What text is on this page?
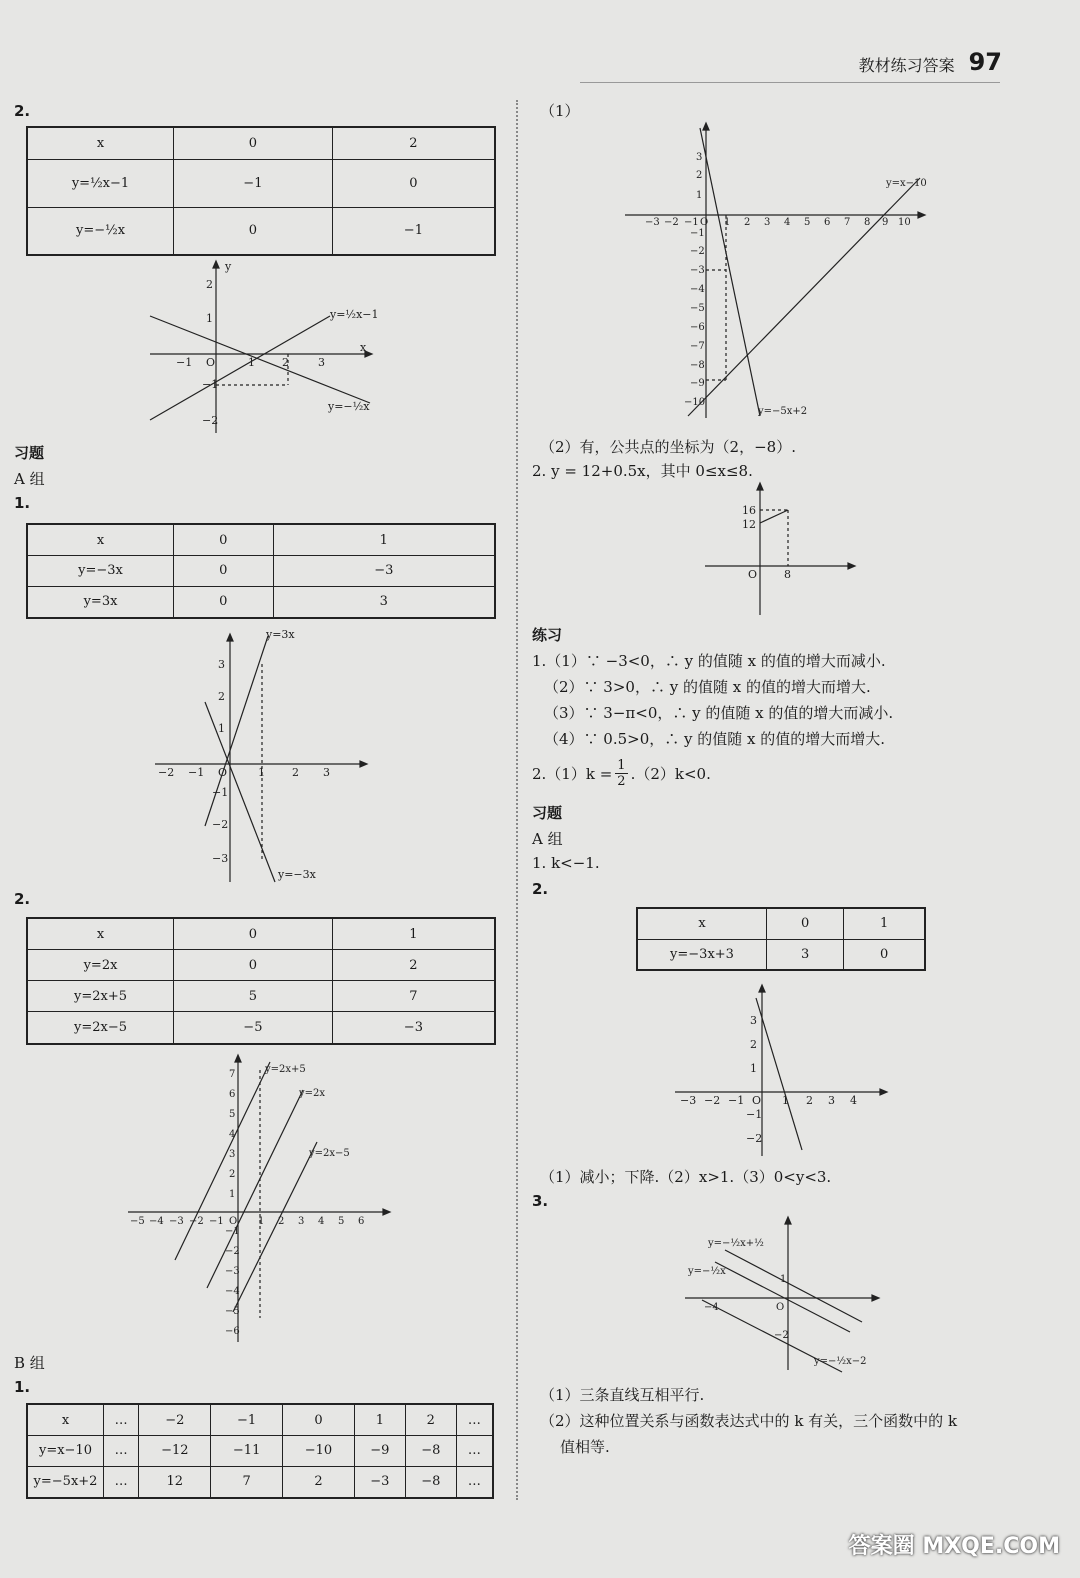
教材练习答案 97
2.
x	0	2
y=½x−1	−1	0
y=−½x	0	−1
y
x
−1 O	1 2	3
2
1
−1
−2
y=½x−1
y=−½x
习题
A 组
1.
x	0	1
y=−3x	0	−3
y=3x	0	3
−2 −1 O	1 2 3
3
2
1
−1
−2
−3
y=3x
y=−3x
2.
x	0	1
y=2x	0	2
y=2x+5	5	7
y=2x−5	−5	−3
−5 −4 −3 −2 −1 O 1 2 3 4 5 6
7
6
5
4
3
2
1
−1
−2
−3
−4
−5
−6
y=2x+5
y=2x
y=2x−5
B 组
1.
x	…	−2	−1	0	1	2	…
y=x−10	…	−12	−11	−10	−9	−8	…
y=−5x+2	…	12	7	2	−3	−8	…
（1）
−3 −2 −1 O 1 2 3 4 5 6 7 8 9 10
3
2
1
−1
−2
−3
−4
−5
−6
−7
−8
−9
−10
y=x−10
y=−5x+2
（2）有，公共点的坐标为（2，−8）.
2. y = 12+0.5x，其中 0≤x≤8.
16
12
O 8
练习
1.（1）∵ −3<0，∴ y 的值随 x 的值的增大而减小.
（2）∵ 3>0，∴ y 的值随 x 的值的增大而增大.
（3）∵ 3−π<0，∴ y 的值随 x 的值的增大而减小.
（4）∵ 0.5>0，∴ y 的值随 x 的值的增大而增大.
$2.(1)k = \frac{1}{2} .(2)k<0$.
习题
A 组
1. k<−1.
2.
x	0	1
y=−3x+3	3	0
−3 −2 −1 O 1 2 3 4
3
2
1
−1
−2
（1）减小；下降.（2）x>1.（3）0<y<3.
3.
y=−½x+½
y=−½x
y=−½x−2
−4	O
1
−2
（1）三条直线互相平行.
（2）这种位置关系与函数表达式中的 k 有关，三个函数中的 k
值相等.
答案圈 MXQE.COM
